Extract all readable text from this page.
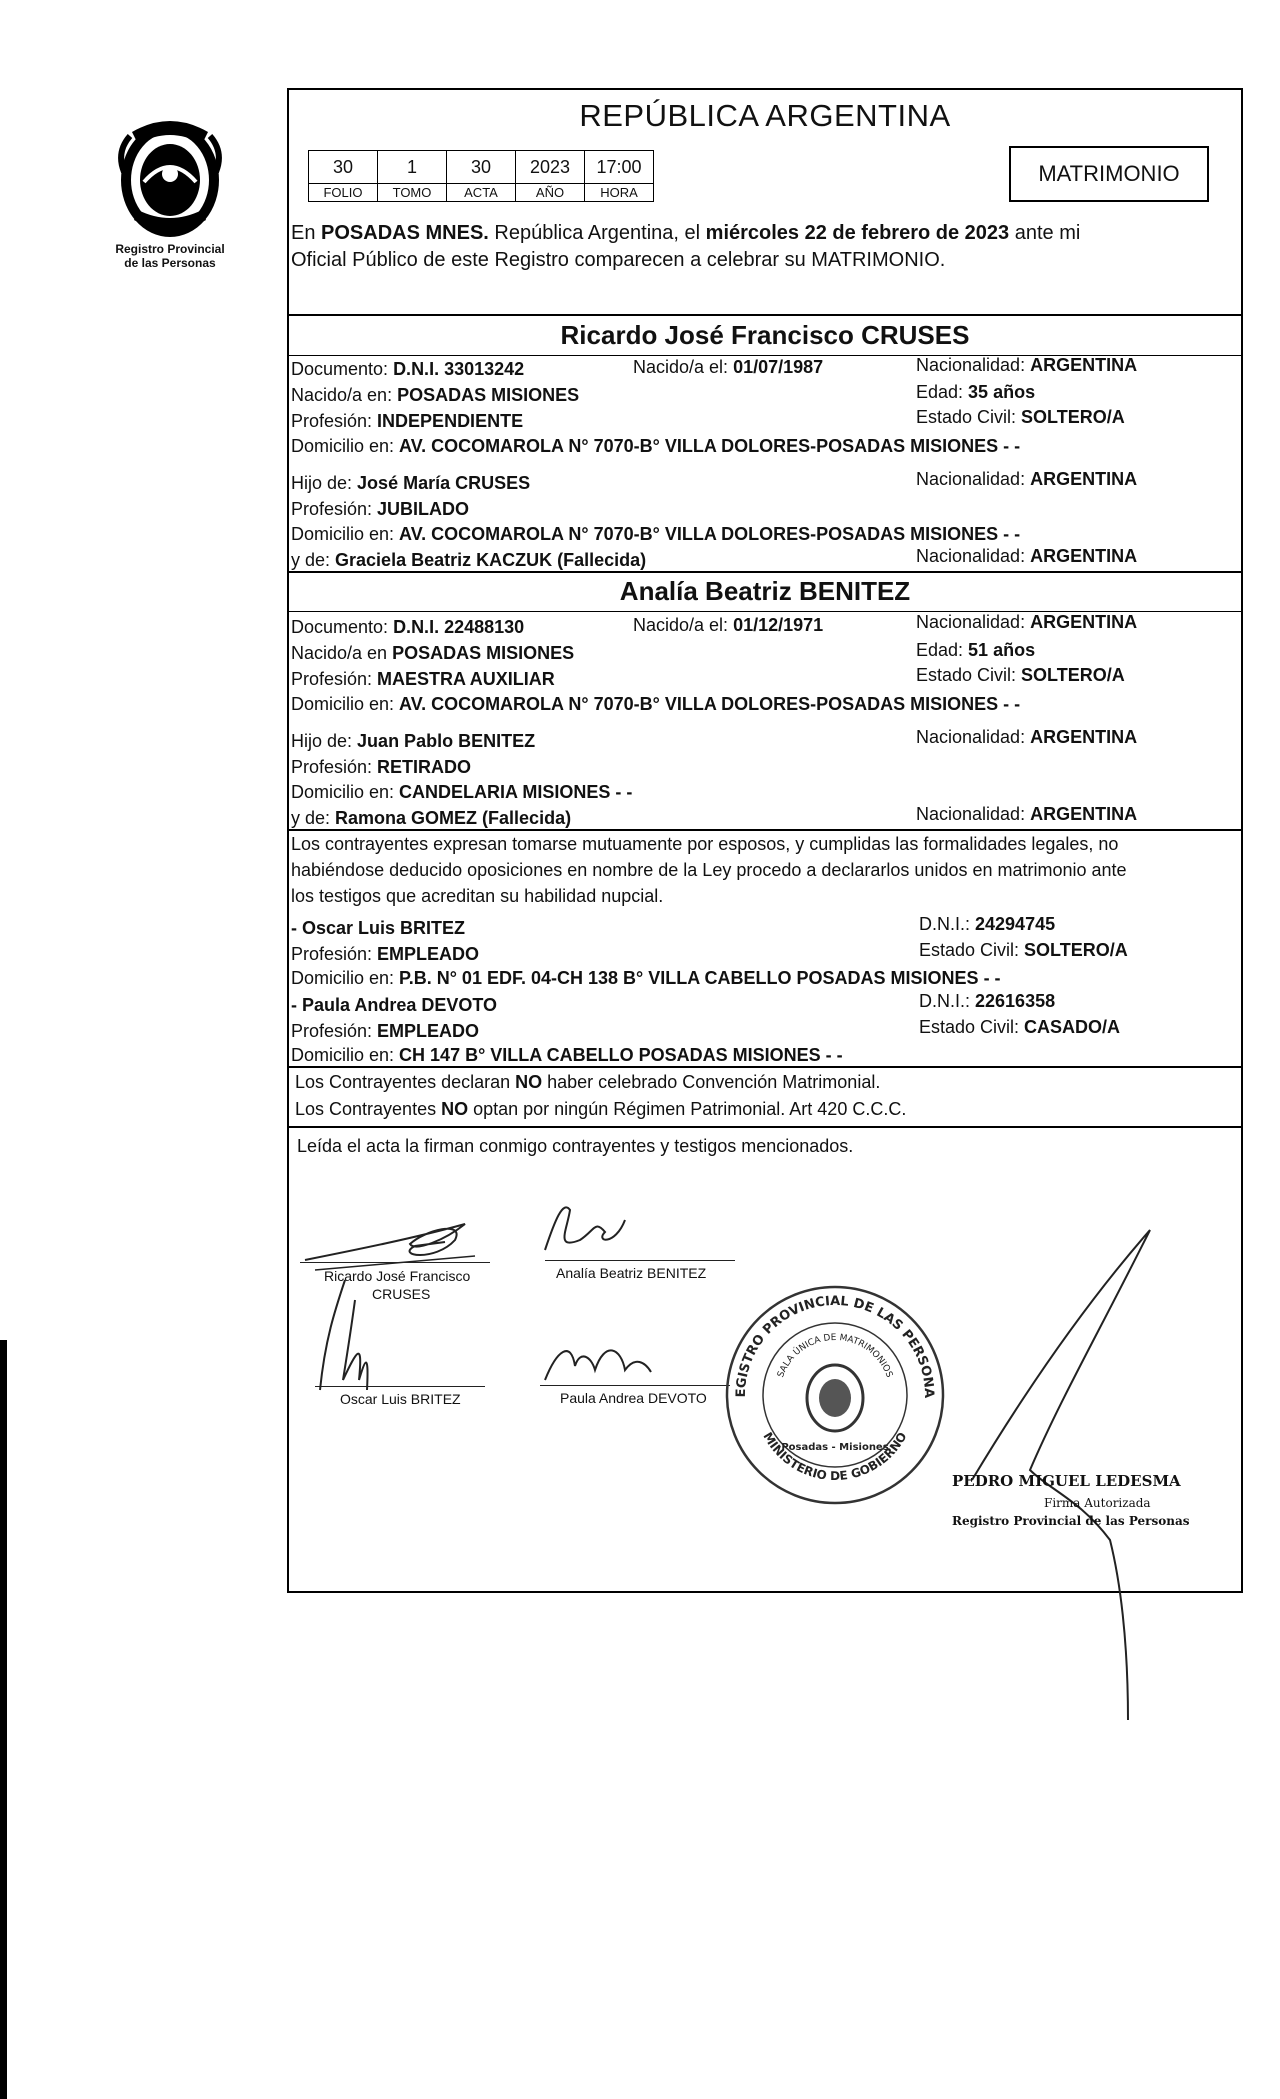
Registro Provincial
de las Personas
REPÚBLICA ARGENTINA
30	1	30	2023	17:00
FOLIO	TOMO	ACTA	AÑO	HORA
MATRIMONIO
En POSADAS MNES. República Argentina, el miércoles 22 de febrero de 2023 ante mi
Oficial Público de este Registro comparecen a celebrar su MATRIMONIO.
Ricardo José Francisco CRUSES
Documento: D.N.I. 33013242	Nacido/a el: 01/07/1987	Nacionalidad: ARGENTINA
Nacido/a en: POSADAS MISIONES	Edad: 35 años
Profesión: INDEPENDIENTE	Estado Civil: SOLTERO/A
Domicilio en: AV. COCOMAROLA N° 7070-B° VILLA DOLORES-POSADAS MISIONES - -
Hijo de: José María CRUSES	Nacionalidad: ARGENTINA
Profesión: JUBILADO
Domicilio en: AV. COCOMAROLA N° 7070-B° VILLA DOLORES-POSADAS MISIONES - -
y de: Graciela Beatriz KACZUK (Fallecida)	Nacionalidad: ARGENTINA
Analía Beatriz BENITEZ
Documento: D.N.I. 22488130	Nacido/a el: 01/12/1971	Nacionalidad: ARGENTINA
Nacido/a en POSADAS MISIONES	Edad: 51 años
Profesión: MAESTRA AUXILIAR	Estado Civil: SOLTERO/A
Domicilio en: AV. COCOMAROLA N° 7070-B° VILLA DOLORES-POSADAS MISIONES - -
Hijo de: Juan Pablo BENITEZ	Nacionalidad: ARGENTINA
Profesión: RETIRADO
Domicilio en: CANDELARIA MISIONES - -
y de: Ramona GOMEZ (Fallecida)	Nacionalidad: ARGENTINA
Los contrayentes expresan tomarse mutuamente por esposos, y cumplidas las formalidades legales, no
habiéndose deducido oposiciones en nombre de la Ley procedo a declararlos unidos en matrimonio ante
los testigos que acreditan su habilidad nupcial.
- Oscar Luis BRITEZ	D.N.I.: 24294745
Profesión: EMPLEADO	Estado Civil: SOLTERO/A
Domicilio en: P.B. N° 01 EDF. 04-CH 138 B° VILLA CABELLO POSADAS MISIONES - -
- Paula Andrea DEVOTO	D.N.I.: 22616358
Profesión: EMPLEADO	Estado Civil: CASADO/A
Domicilio en: CH 147 B° VILLA CABELLO POSADAS MISIONES - -
Los Contrayentes declaran NO haber celebrado Convención Matrimonial.
Los Contrayentes NO optan por ningún Régimen Patrimonial. Art 420 C.C.C.
Leída el acta la firman conmigo contrayentes y testigos mencionados.
Ricardo José Francisco
CRUSES
Analía Beatriz BENITEZ
Oscar Luis BRITEZ	Paula Andrea DEVOTO	EGISTRO PROVINCIAL DE LAS PERSONA
SALA ÚNICA DE MATRIMONIOS
MINISTERIO DE GOBIERNO
Posadas - Misiones
PEDRO MIGUEL LEDESMA
Firma Autorizada
Registro Provincial de las Personas
